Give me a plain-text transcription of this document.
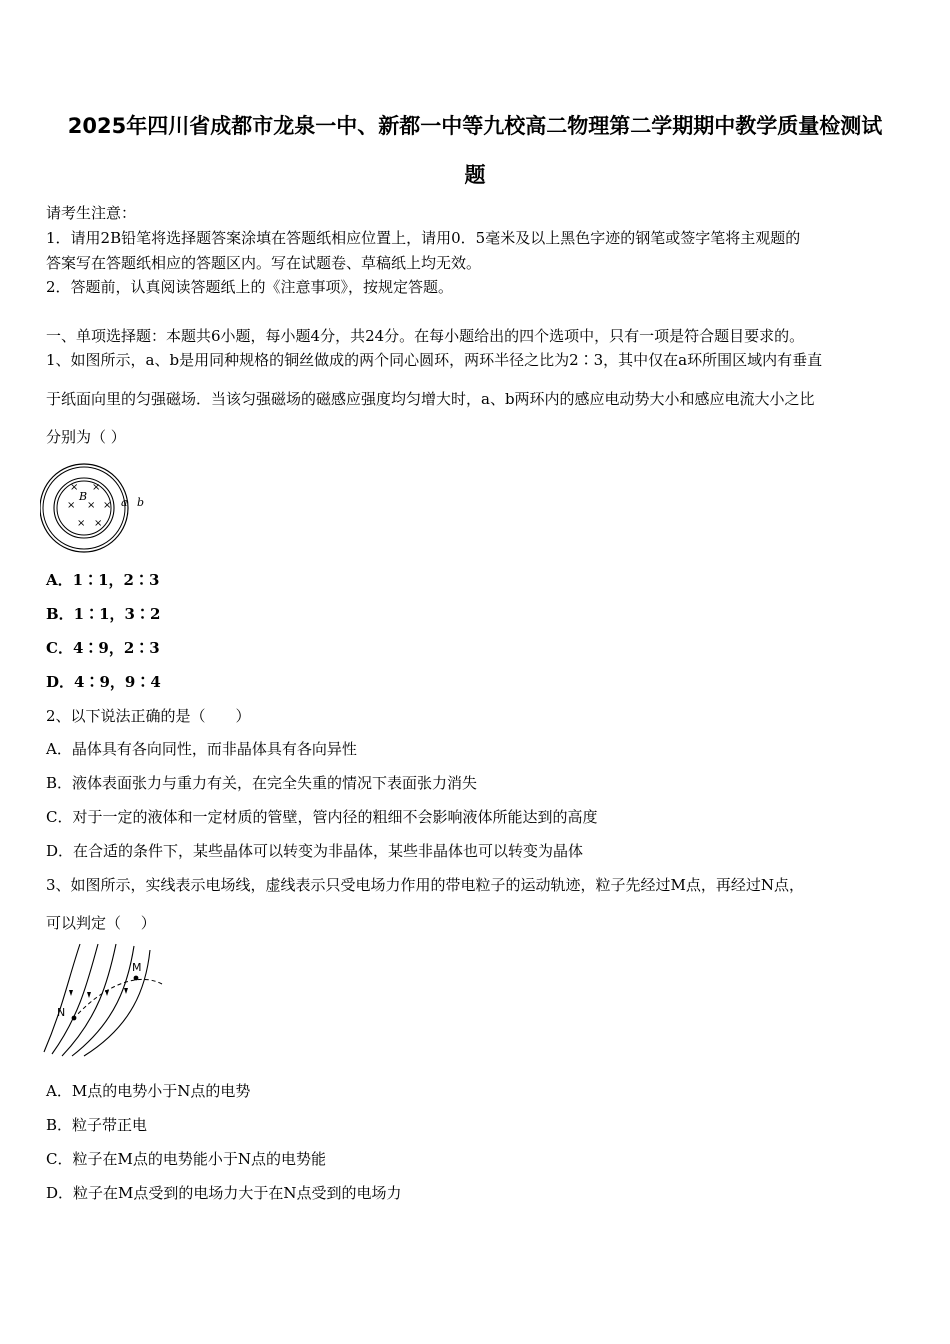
2025年四川省成都市龙泉一中、新都一中等九校高二物理第二学期期中教学质量检测试
题
请考生注意：
1．请用2B铅笔将选择题答案涂填在答题纸相应位置上，请用0．5毫米及以上黑色字迹的钢笔或签字笔将主观题的
答案写在答题纸相应的答题区内。写在试题卷、草稿纸上均无效。
2．答题前，认真阅读答题纸上的《注意事项》，按规定答题。
一、单项选择题：本题共6小题，每小题4分，共24分。在每小题给出的四个选项中，只有一项是符合题目要求的。
1、如图所示，a、b是用同种规格的铜丝做成的两个同心圆环，两环半径之比为2∶3，其中仅在a环所围区域内有垂直
于纸面向里的匀强磁场．当该匀强磁场的磁感应强度均匀增大时，a、b两环内的感应电动势大小和感应电流大小之比
分别为（ ）
× ×
× × ×
× ×
B	a b
A．1∶1，2∶3
B．1∶1，3∶2
C．4∶9，2∶3
D．4∶9，9∶4
2、以下说法正确的是（　　）
A．晶体具有各向同性，而非晶体具有各向异性
B．液体表面张力与重力有关，在完全失重的情况下表面张力消失
C．对于一定的液体和一定材质的管壁，管内径的粗细不会影响液体所能达到的高度
D．在合适的条件下，某些晶体可以转变为非晶体，某些非晶体也可以转变为晶体
3、如图所示，实线表示电场线，虚线表示只受电场力作用的带电粒子的运动轨迹，粒子先经过M点，再经过N点，
可以判定（　 ）
M
N
A．M点的电势小于N点的电势
B．粒子带正电
C．粒子在M点的电势能小于N点的电势能
D．粒子在M点受到的电场力大于在N点受到的电场力
